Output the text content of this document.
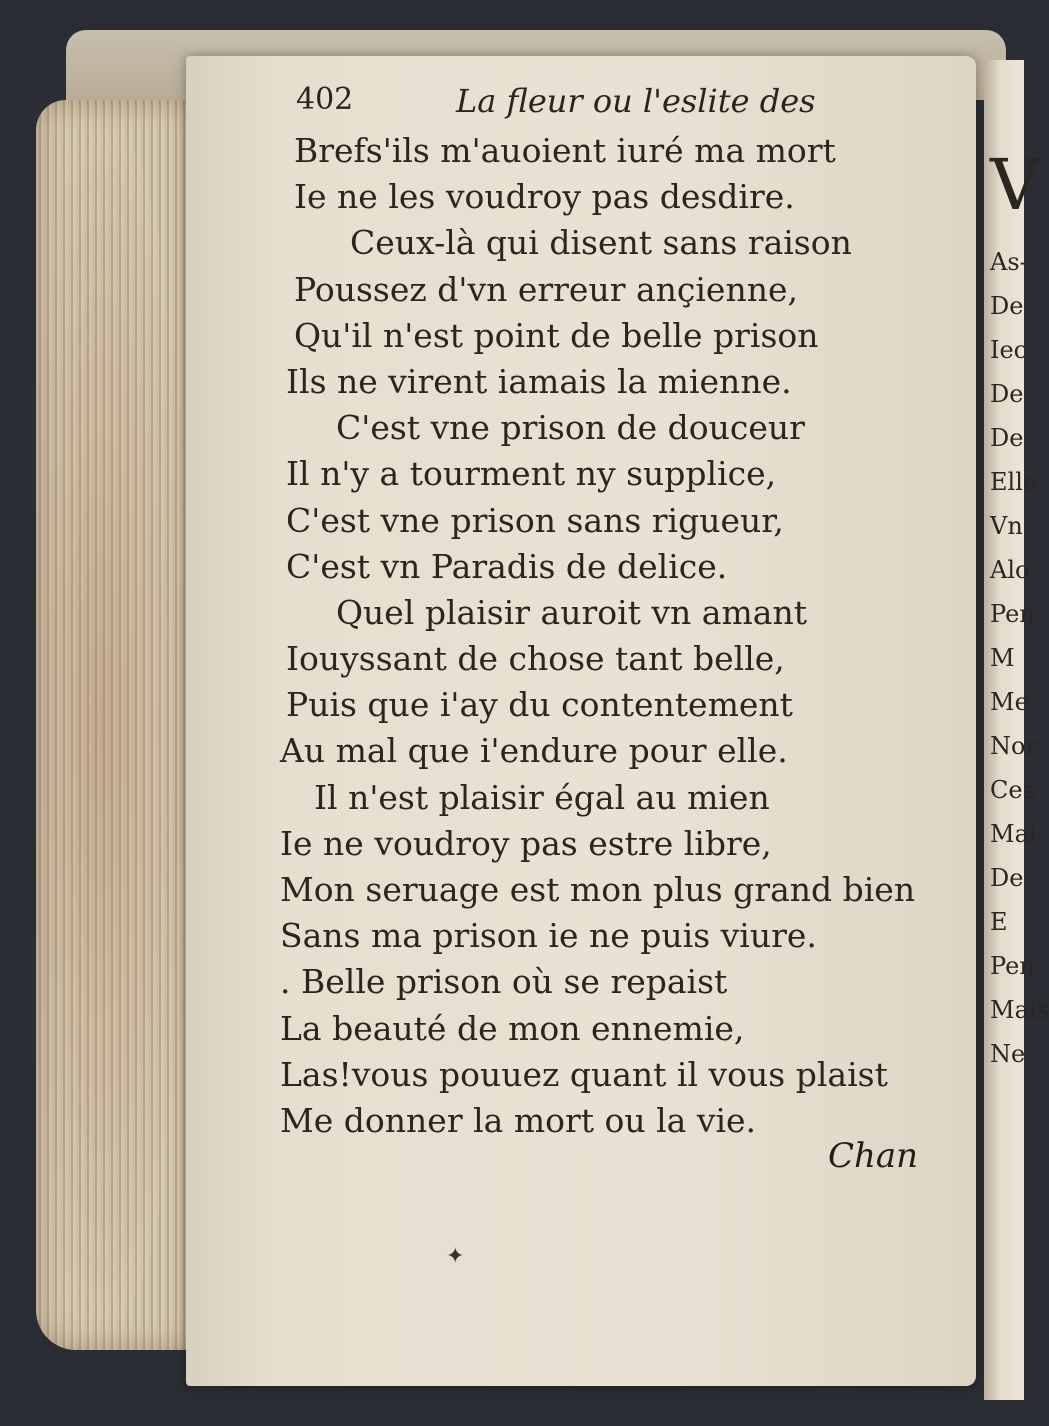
V
As-
De
Iec
De
De
Elle
Vn
Alo
Pen
M
Me
Nor
Ces
Mai
De
E
Pen
Mais
Ne
402	La fleur ou l'eslite des
Brefs'ils m'auoient iuré ma mort
Ie ne les voudroy pas desdire.
Ceux-là qui disent sans raison
Poussez d'vn erreur ançienne,
Qu'il n'est point de belle prison
Ils ne virent iamais la mienne.
C'est vne prison de douceur
Il n'y a tourment ny supplice,
C'est vne prison sans rigueur,
C'est vn Paradis de delice.
Quel plaisir auroit vn amant
Iouyssant de chose tant belle,
Puis que i'ay du contentement
Au mal que i'endure pour elle.
Il n'est plaisir égal au mien
Ie ne voudroy pas estre libre,
Mon seruage est mon plus grand bien
Sans ma prison ie ne puis viure.
. Belle prison où se repaist
La beauté de mon ennemie,
Las!vous pouuez quant il vous plaist
Me donner la mort ou la vie.
Chan
✦
